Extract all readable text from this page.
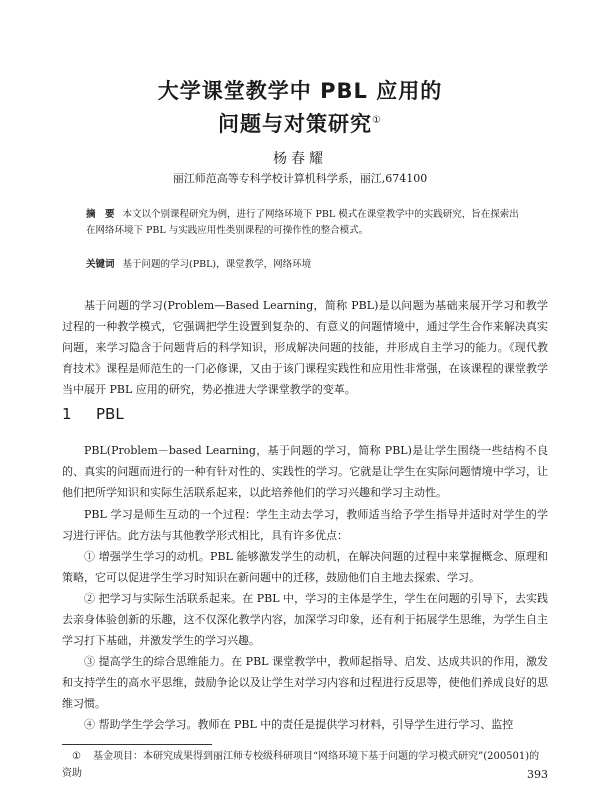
大学课堂教学中 PBL 应用的
问题与对策研究①
杨春耀
丽江师范高等专科学校计算机科学系，丽江,674100
摘　要 本文以个别课程研究为例，进行了网络环境下 PBL 模式在课堂教学中的实践研究，旨在探索出在网络环境下 PBL 与实践应用性类别课程的可操作性的整合模式。
关键词 基于问题的学习(PBL)，课堂教学，网络环境

基于问题的学习(Problem—Based Learning，简称 PBL)是以问题为基础来展开学习和教学过程的一种教学模式，它强调把学生设置到复杂的、有意义的问题情境中，通过学生合作来解决真实问题，来学习隐含于问题背后的科学知识，形成解决问题的技能，并形成自主学习的能力。《现代教育技术》课程是师范生的一门必修课，又由于该门课程实践性和应用性非常强，在该课程的课堂教学当中展开 PBL 应用的研究，势必推进大学课堂教学的变革。

1 PBL

PBL(Problem－based Learning，基于问题的学习，简称 PBL)是让学生围绕一些结构不良的、真实的问题而进行的一种有针对性的、实践性的学习。它就是让学生在实际问题情境中学习，让他们把所学知识和实际生活联系起来，以此培养他们的学习兴趣和学习主动性。

PBL 学习是师生互动的一个过程：学生主动去学习，教师适当给予学生指导并适时对学生的学习进行评估。此方法与其他教学形式相比，具有许多优点：

① 增强学生学习的动机。PBL 能够激发学生的动机，在解决问题的过程中来掌握概念、原理和策略，它可以促进学生学习时知识在新问题中的迁移，鼓励他们自主地去探索、学习。

② 把学习与实际生活联系起来。在 PBL 中，学习的主体是学生，学生在问题的引导下，去实践去亲身体验创新的乐趣，这不仅深化教学内容，加深学习印象，还有利于拓展学生思维，为学生自主学习打下基础，并激发学生的学习兴趣。

③ 提高学生的综合思维能力。在 PBL 课堂教学中，教师起指导、启发、达成共识的作用，激发和支持学生的高水平思维，鼓励争论以及让学生对学习内容和过程进行反思等，使他们养成良好的思维习惯。

④ 帮助学生学会学习。教师在 PBL 中的责任是提供学习材料，引导学生进行学习、监控

① 基金项目：本研究成果得到丽江师专校级科研项目“网络环境下基于问题的学习模式研究”(200501)的资助	393
